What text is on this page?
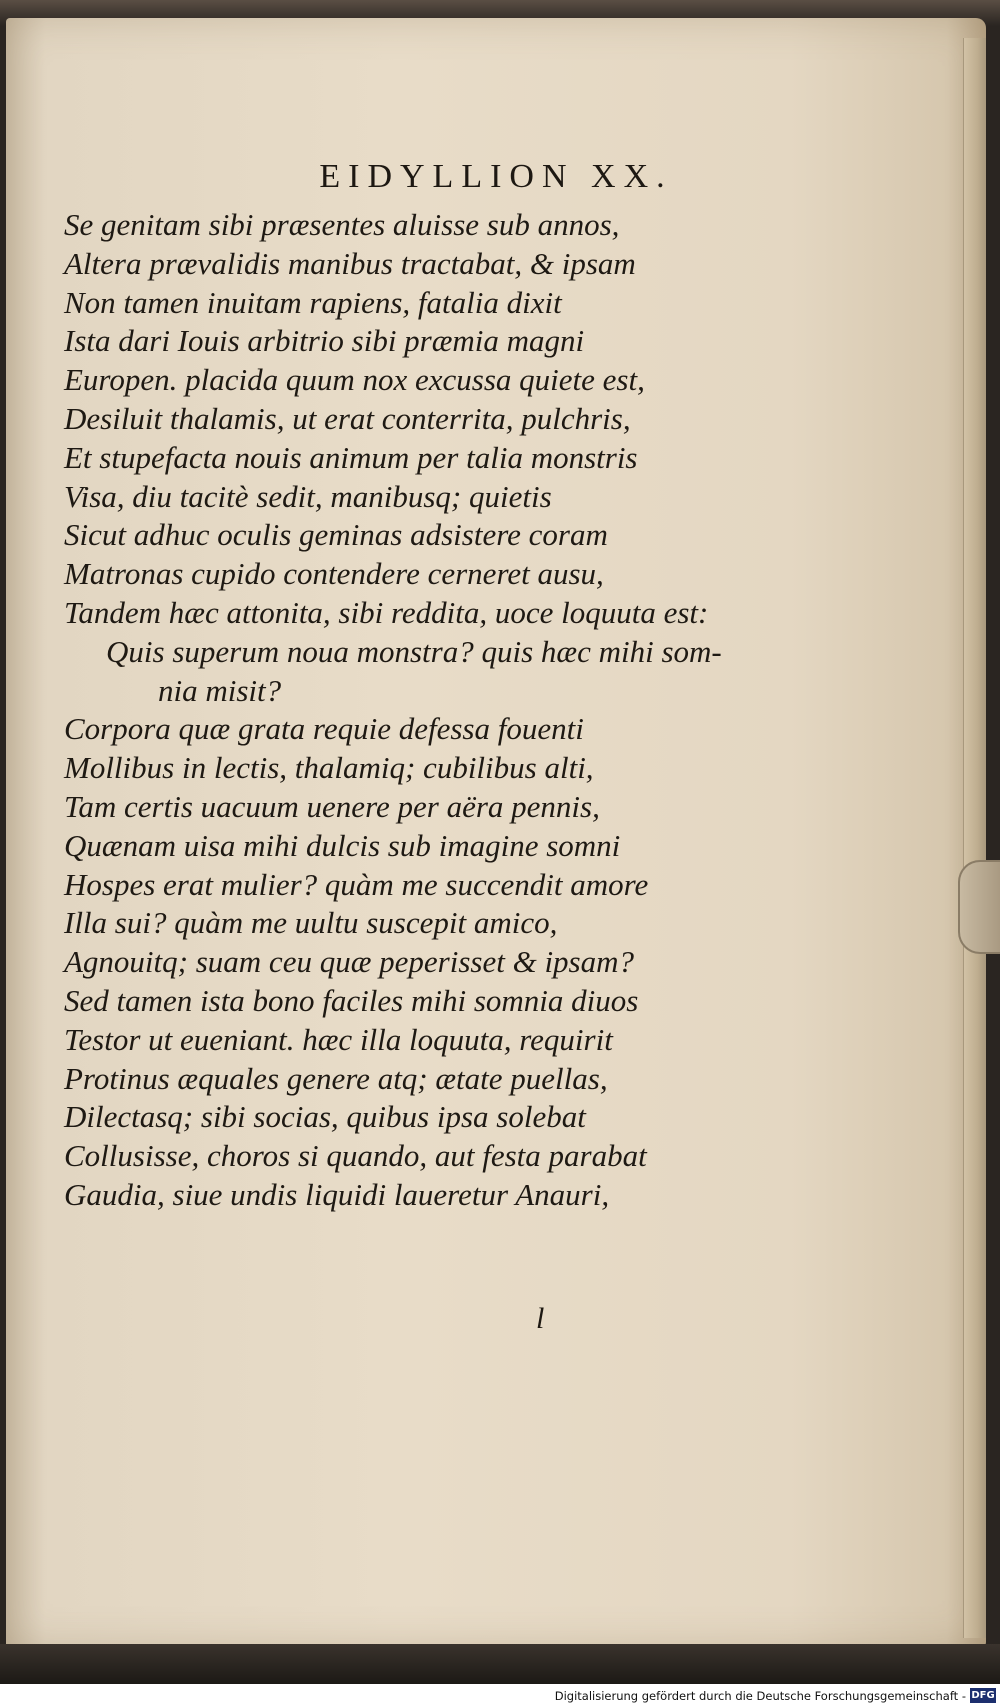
EIDYLLION XX.
Se genitam sibi præsentes aluisse sub annos,
Altera prævalidis manibus tractabat, & ipsam
Non tamen inuitam rapiens, fatalia dixit
Ista dari Iouis arbitrio sibi præmia magni
Europen. placida quum nox excussa quiete est,
Desiluit thalamis, ut erat conterrita, pulchris,
Et stupefacta nouis animum per talia monstris
Visa, diu tacitè sedit, manibusq; quietis
Sicut adhuc oculis geminas adsistere coram
Matronas cupido contendere cerneret ausu,
Tandem hæc attonita, sibi reddita, uoce loquuta est:
Quis superum noua monstra? quis hæc mihi som-
nia misit?
Corpora quæ grata requie defessa fouenti
Mollibus in lectis, thalamiq; cubilibus alti,
Tam certis uacuum uenere per aëra pennis,
Quænam uisa mihi dulcis sub imagine somni
Hospes erat mulier? quàm me succendit amore
Illa sui? quàm me uultu suscepit amico,
Agnouitq; suam ceu quæ peperisset & ipsam?
Sed tamen ista bono faciles mihi somnia diuos
Testor ut eueniant. hæc illa loquuta, requirit
Protinus æquales genere atq; ætate puellas,
Dilectasq; sibi socias, quibus ipsa solebat
Collusisse, choros si quando, aut festa parabat
Gaudia, siue undis liquidi laueretur Anauri,
l
Digitalisierung gefördert durch die Deutsche Forschungsgemeinschaft - DFG
